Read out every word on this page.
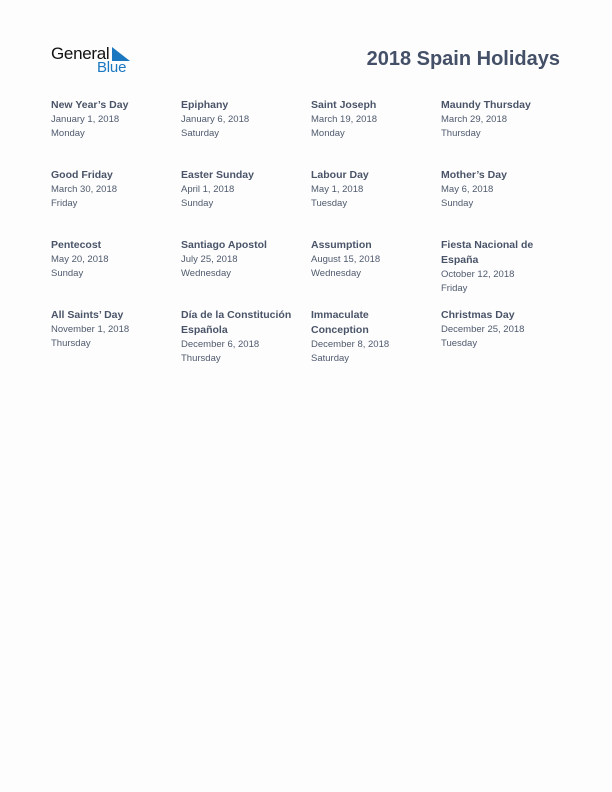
General
Blue	2018 Spain Holidays
New Year’s Day
January 1, 2018
Monday
Epiphany
January 6, 2018
Saturday
Saint Joseph
March 19, 2018
Monday
Maundy Thursday
March 29, 2018
Thursday
Good Friday
March 30, 2018
Friday
Easter Sunday
April 1, 2018
Sunday
Labour Day
May 1, 2018
Tuesday
Mother’s Day
May 6, 2018
Sunday
Pentecost
May 20, 2018
Sunday
Santiago Apostol
July 25, 2018
Wednesday
Assumption
August 15, 2018
Wednesday
Fiesta Nacional de España
October 12, 2018
Friday
All Saints’ Day
November 1, 2018
Thursday
Día de la Constitución Española
December 6, 2018
Thursday
Immaculate Conception
December 8, 2018
Saturday
Christmas Day
December 25, 2018
Tuesday
